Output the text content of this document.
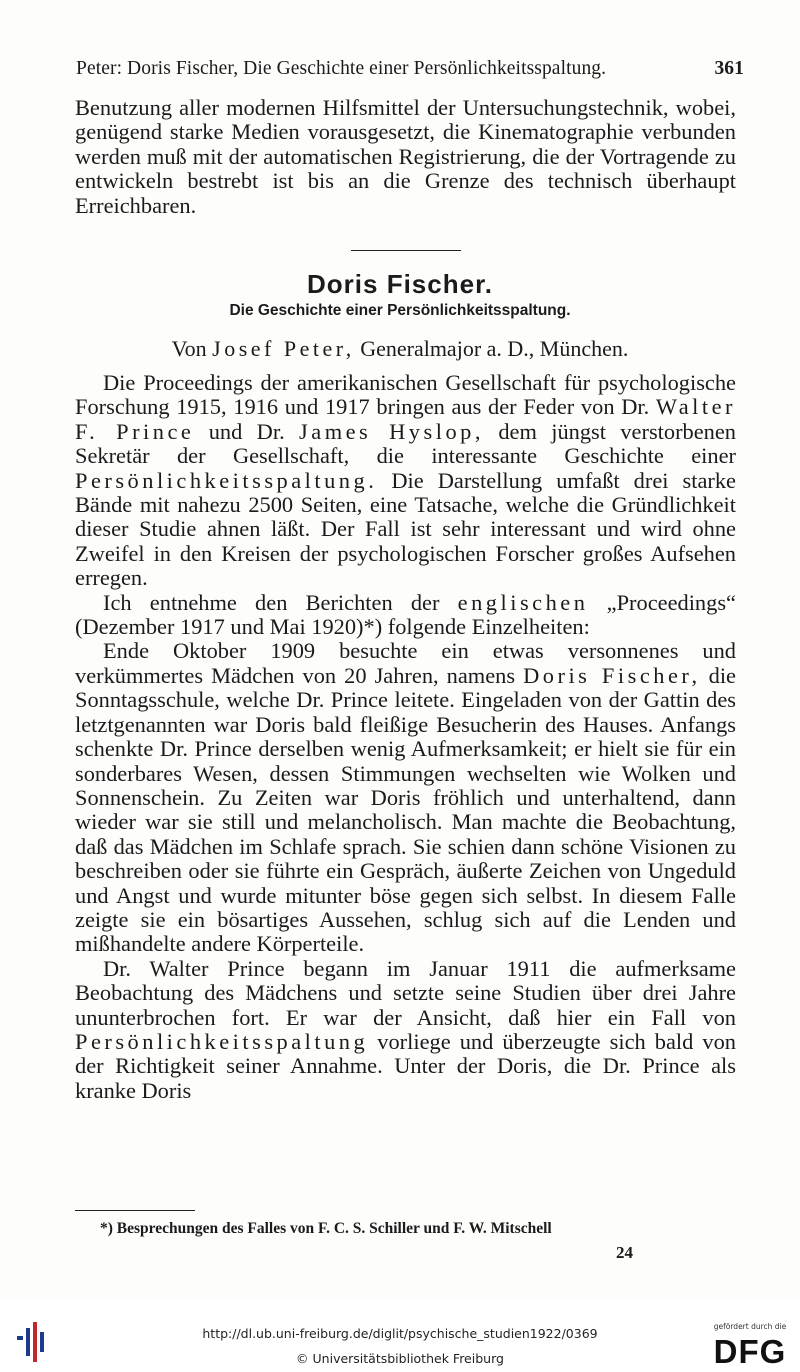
Peter: Doris Fischer, Die Geschichte einer Persönlichkeitsspaltung.	361

Benutzung aller modernen Hilfsmittel der Untersuchungstechnik, wobei, genügend starke Medien vorausgesetzt, die Kinematographie verbunden werden muß mit der automatischen Registrierung, die der Vortragende zu entwickeln bestrebt ist bis an die Grenze des technisch überhaupt Erreichbaren.

Doris Fischer.
Die Geschichte einer Persönlichkeitsspaltung.
Von Josef Peter, Generalmajor a. D., München.

Die Proceedings der amerikanischen Gesellschaft für psychologische Forschung 1915, 1916 und 1917 bringen aus der Feder von Dr. Walter F. Prince und Dr. James Hyslop, dem jüngst verstorbenen Sekretär der Gesellschaft, die interessante Geschichte einer Persönlichkeitsspaltung. Die Darstellung umfaßt drei starke Bände mit nahezu 2500 Seiten, eine Tatsache, welche die Gründlichkeit dieser Studie ahnen läßt. Der Fall ist sehr interessant und wird ohne Zweifel in den Kreisen der psychologischen Forscher großes Aufsehen erregen.

Ich entnehme den Berichten der englischen „Proceedings“ (Dezember 1917 und Mai 1920)*) folgende Einzelheiten:

Ende Oktober 1909 besuchte ein etwas versonnenes und verkümmertes Mädchen von 20 Jahren, namens Doris Fischer, die Sonntagsschule, welche Dr. Prince leitete. Eingeladen von der Gattin des letztgenannten war Doris bald fleißige Besucherin des Hauses. Anfangs schenkte Dr. Prince derselben wenig Aufmerksamkeit; er hielt sie für ein sonderbares Wesen, dessen Stimmungen wechselten wie Wolken und Sonnenschein. Zu Zeiten war Doris fröhlich und unterhaltend, dann wieder war sie still und melancholisch. Man machte die Beobachtung, daß das Mädchen im Schlafe sprach. Sie schien dann schöne Visionen zu beschreiben oder sie führte ein Gespräch, äußerte Zeichen von Ungeduld und Angst und wurde mitunter böse gegen sich selbst. In diesem Falle zeigte sie ein bösartiges Aussehen, schlug sich auf die Lenden und mißhandelte andere Körperteile.

Dr. Walter Prince begann im Januar 1911 die aufmerksame Beobachtung des Mädchens und setzte seine Studien über drei Jahre ununterbrochen fort. Er war der Ansicht, daß hier ein Fall von Persönlichkeitsspaltung vorliege und überzeugte sich bald von der Richtigkeit seiner Annahme. Unter der Doris, die Dr. Prince als kranke Doris

*) Besprechungen des Falles von F. C. S. Schiller und F. W. Mitschell
24
http://dl.ub.uni-freiburg.de/diglit/psychische_studien1922/0369
© Universitätsbibliothek Freiburg
gefördert durch die
DFG
